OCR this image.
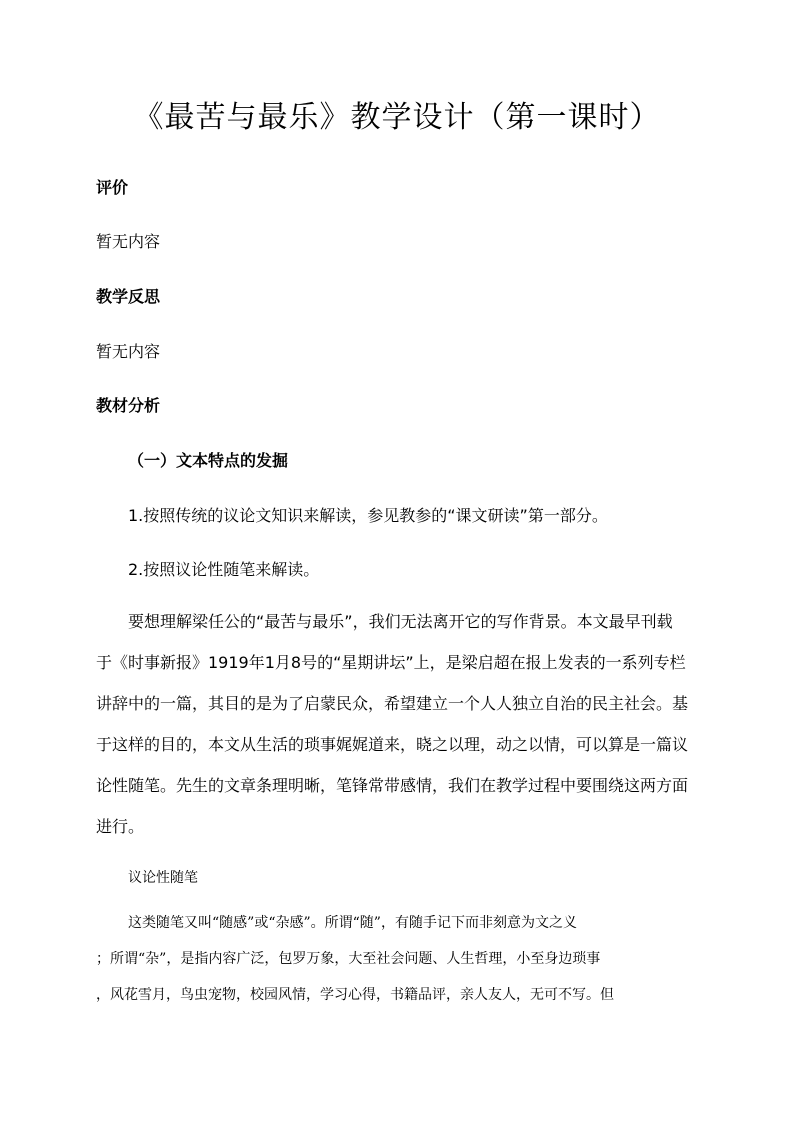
《最苦与最乐》教学设计（第一课时）

评价

暂无内容

教学反思

暂无内容

教材分析

（一）文本特点的发掘

1.按照传统的议论文知识来解读，参见教参的“课文研读”第一部分。

2.按照议论性随笔来解读。

要想理解梁任公的“最苦与最乐”，我们无法离开它的写作背景。本文最早刊载
于《时事新报》1919年1月8号的“星期讲坛”上，是梁启超在报上发表的一系列专栏
讲辞中的一篇，其目的是为了启蒙民众，希望建立一个人人独立自治的民主社会。基
于这样的目的，本文从生活的琐事娓娓道来，晓之以理，动之以情，可以算是一篇议
论性随笔。先生的文章条理明晰，笔锋常带感情，我们在教学过程中要围绕这两方面
进行。

议论性随笔

这类随笔又叫“随感”或“杂感”。所谓“随”，有随手记下而非刻意为文之义
；所谓“杂”，是指内容广泛，包罗万象，大至社会问题、人生哲理，小至身边琐事
，风花雪月，鸟虫宠物，校园风情，学习心得，书籍品评，亲人友人，无可不写。但
